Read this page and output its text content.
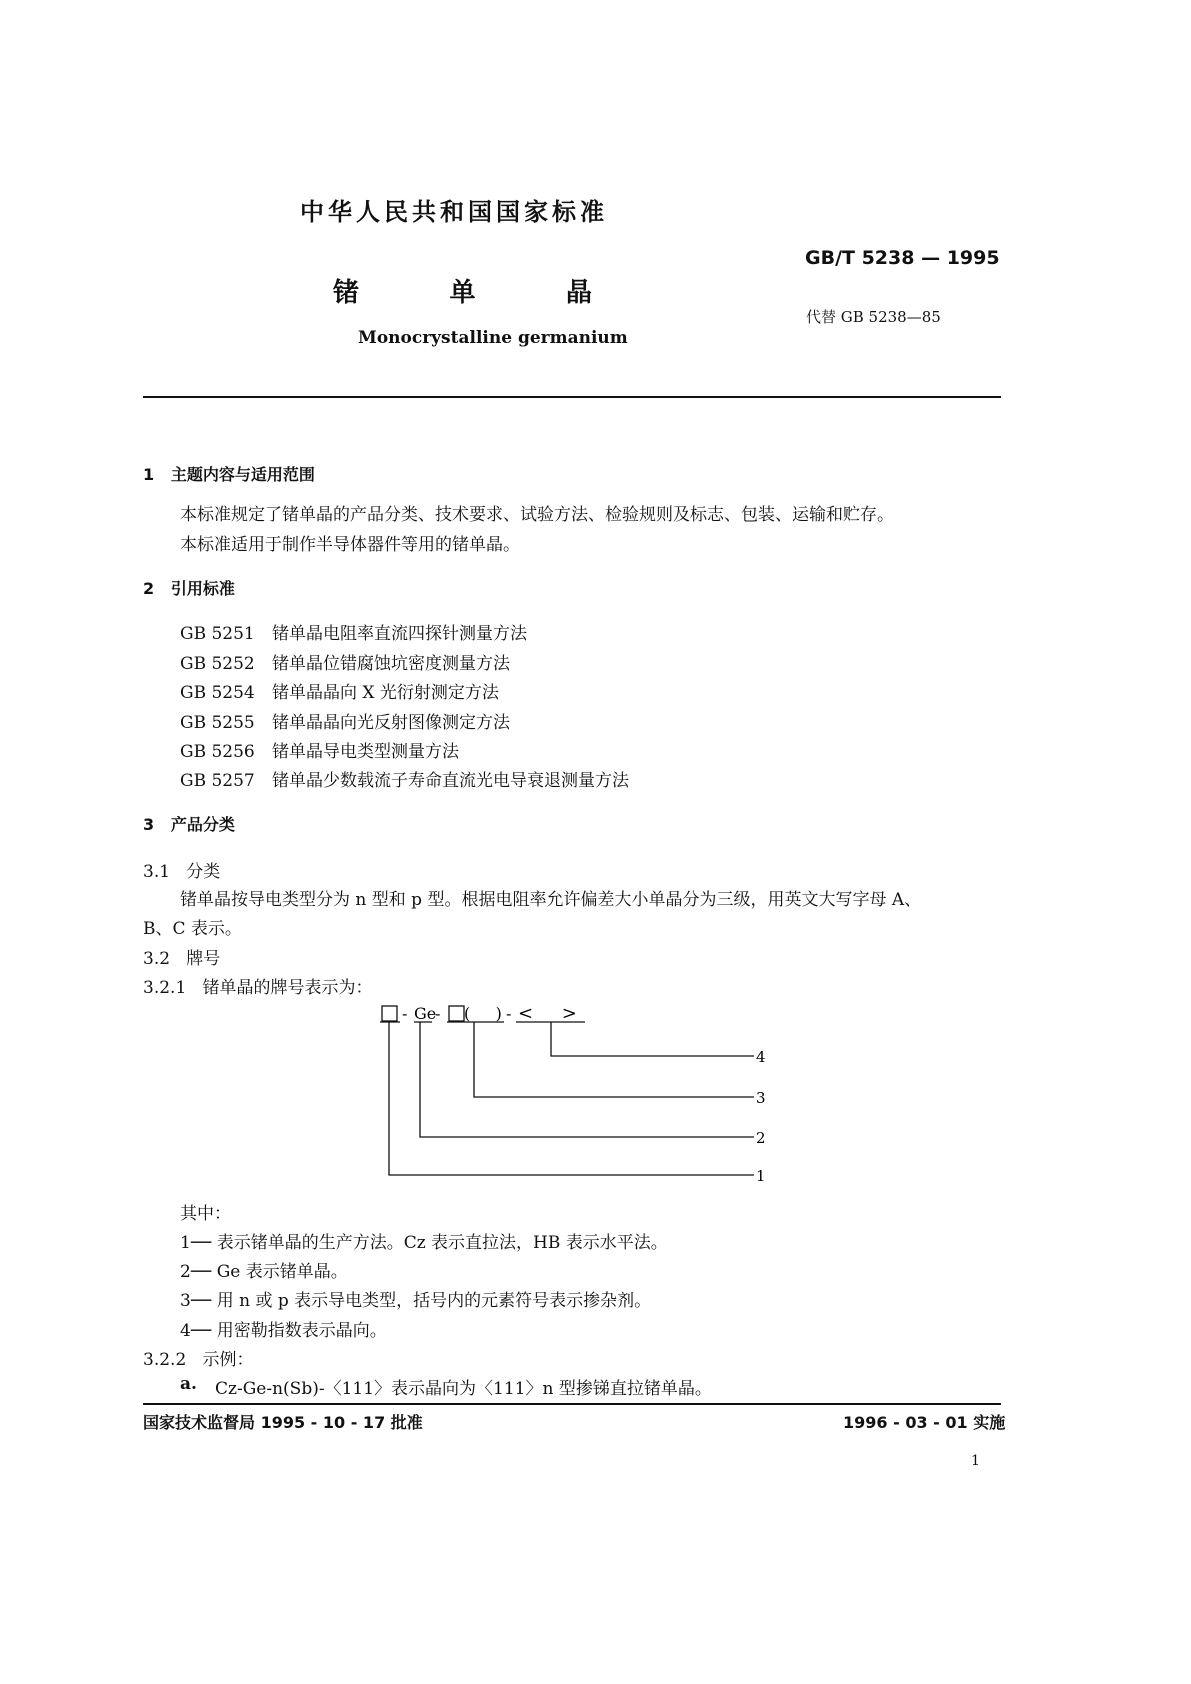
中华人民共和国国家标准
GB/T 5238 — 1995
锗          单          晶
代替 GB 5238—85
Monocrystalline germanium
1   主题内容与适用范围
本标准规定了锗单晶的产品分类、技术要求、试验方法、检验规则及标志、包装、运输和贮存。
本标准适用于制作半导体器件等用的锗单晶。
2   引用标准
GB 5251 锗单晶电阻率直流四探针测量方法
GB 5252 锗单晶位错腐蚀坑密度测量方法
GB 5254 锗单晶晶向 X 光衍射测定方法
GB 5255 锗单晶晶向光反射图像测定方法
GB 5256 锗单晶导电类型测量方法
GB 5257 锗单晶少数载流子寿命直流光电导衰退测量方法
3   产品分类
3.1   分类
锗单晶按导电类型分为 n 型和 p 型。根据电阻率允许偏差大小单晶分为三级，用英文大写字母 A、
B、C 表示。
3.2   牌号
3.2.1   锗单晶的牌号表示为：
- Ge
- (     ) - <     >
4
3
2
1
其中：
1── 表示锗单晶的生产方法。Cz 表示直拉法，HB 表示水平法。
2── Ge 表示锗单晶。
3── 用 n 或 p 表示导电类型，括号内的元素符号表示掺杂剂。
4── 用密勒指数表示晶向。
3.2.2   示例：
a. Cz-Ge-n(Sb)-〈111〉表示晶向为〈111〉n 型掺锑直拉锗单晶。
国家技术监督局 1995 - 10 - 17 批准	1996 - 03 - 01 实施
1
